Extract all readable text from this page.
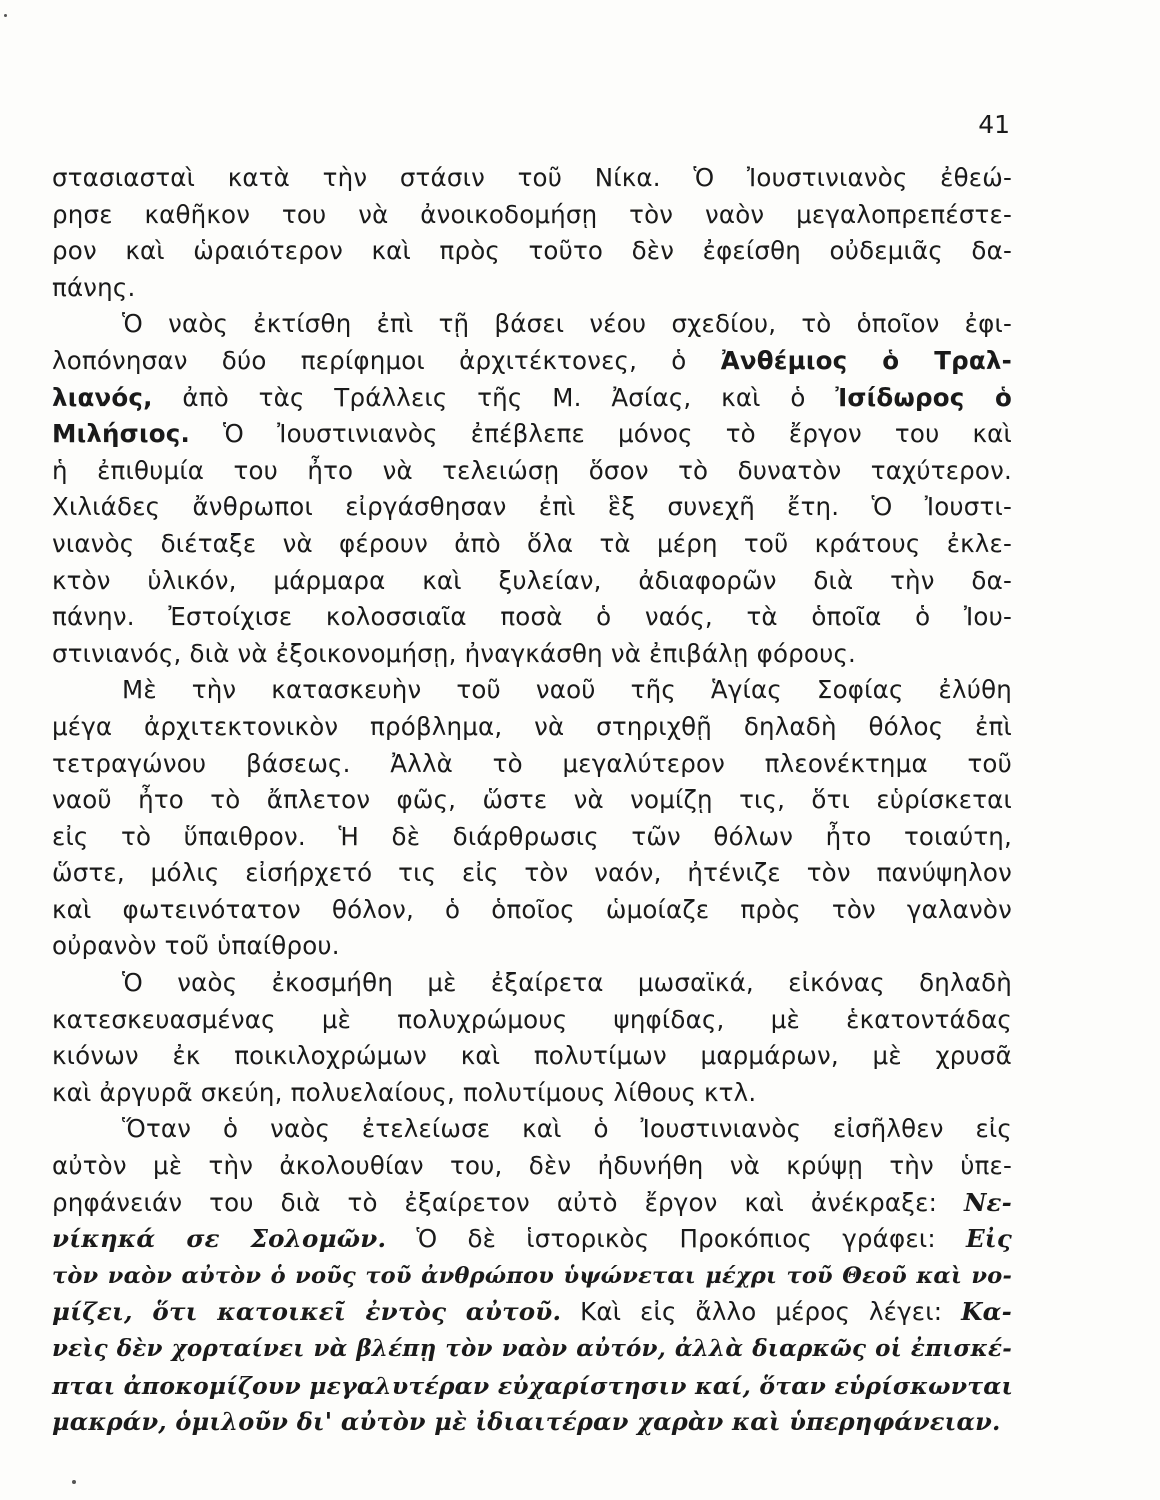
41
στασιασταὶ κατὰ τὴν στάσιν τοῦ Νίκα. Ὁ Ἰουστινιανὸς ἐθεώ-
ρησε καθῆκον του νὰ ἀνοικοδομήσῃ τὸν ναὸν μεγαλοπρεπέστε-
ρον καὶ ὡραιότερον καὶ πρὸς τοῦτο δὲν ἐφείσθη οὐδεμιᾶς δα-
πάνης.
Ὁ ναὸς ἐκτίσθη ἐπὶ τῇ βάσει νέου σχεδίου, τὸ ὁποῖον ἐφι-
λοπόνησαν δύο περίφημοι ἀρχιτέκτονες, ὁ Ἀνθέμιος ὁ Τραλ-
λιανός, ἀπὸ τὰς Τράλλεις τῆς Μ. Ἀσίας, καὶ ὁ Ἰσίδωρος ὁ
Μιλήσιος. Ὁ Ἰουστινιανὸς ἐπέβλεπε μόνος τὸ ἔργον του καὶ
ἡ ἐπιθυμία του ἦτο νὰ τελειώσῃ ὅσον τὸ δυνατὸν ταχύτερον.
Χιλιάδες ἄνθρωποι εἰργάσθησαν ἐπὶ ἓξ συνεχῆ ἔτη. Ὁ Ἰουστι-
νιανὸς διέταξε νὰ φέρουν ἀπὸ ὅλα τὰ μέρη τοῦ κράτους ἐκλε-
κτὸν ὑλικόν, μάρμαρα καὶ ξυλείαν, ἀδιαφορῶν διὰ τὴν δα-
πάνην. Ἐστοίχισε κολοσσιαῖα ποσὰ ὁ ναός, τὰ ὁποῖα ὁ Ἰου-
στινιανός, διὰ νὰ ἐξοικονομήσῃ, ἠναγκάσθη νὰ ἐπιβάλῃ φόρους.
Μὲ τὴν κατασκευὴν τοῦ ναοῦ τῆς Ἁγίας Σοφίας ἐλύθη
μέγα ἀρχιτεκτονικὸν πρόβλημα, νὰ στηριχθῇ δηλαδὴ θόλος ἐπὶ
τετραγώνου βάσεως. Ἀλλὰ τὸ μεγαλύτερον πλεονέκτημα τοῦ
ναοῦ ἦτο τὸ ἄπλετον φῶς, ὥστε νὰ νομίζῃ τις, ὅτι εὑρίσκεται
εἰς τὸ ὕπαιθρον. Ἡ δὲ διάρθρωσις τῶν θόλων ἦτο τοιαύτη,
ὥστε, μόλις εἰσήρχετό τις εἰς τὸν ναόν, ἠτένιζε τὸν πανύψηλον
καὶ φωτεινότατον θόλον, ὁ ὁποῖος ὡμοίαζε πρὸς τὸν γαλανὸν
οὐρανὸν τοῦ ὑπαίθρου.
Ὁ ναὸς ἐκοσμήθη μὲ ἐξαίρετα μωσαϊκά, εἰκόνας δηλαδὴ
κατεσκευασμένας μὲ πολυχρώμους ψηφίδας, μὲ ἑκατοντάδας
κιόνων ἐκ ποικιλοχρώμων καὶ πολυτίμων μαρμάρων, μὲ χρυσᾶ
καὶ ἀργυρᾶ σκεύη, πολυελαίους, πολυτίμους λίθους κτλ.
Ὅταν ὁ ναὸς ἐτελείωσε καὶ ὁ Ἰουστινιανὸς εἰσῆλθεν εἰς
αὐτὸν μὲ τὴν ἀκολουθίαν του, δὲν ἠδυνήθη νὰ κρύψῃ τὴν ὑπε-
ρηφάνειάν του διὰ τὸ ἐξαίρετον αὐτὸ ἔργον καὶ ἀνέκραξε: Νε-
νίκηκά σε Σολομῶν. Ὁ δὲ ἱστορικὸς Προκόπιος γράφει: Εἰς
τὸν ναὸν αὐτὸν ὁ νοῦς τοῦ ἀνθρώπου ὑψώνεται μέχρι τοῦ Θεοῦ καὶ νο-
μίζει, ὅτι κατοικεῖ ἐντὸς αὐτοῦ. Καὶ εἰς ἄλλο μέρος λέγει: Κα-
νεὶς δὲν χορταίνει νὰ βλέπῃ τὸν ναὸν αὐτόν, ἀλλὰ διαρκῶς οἱ ἐπισκέ-
πται ἀποκομίζουν μεγαλυτέραν εὐχαρίστησιν καί, ὅταν εὑρίσκωνται
μακράν, ὁμιλοῦν δι' αὐτὸν μὲ ἰδιαιτέραν χαρὰν καὶ ὑπερηφάνειαν.
